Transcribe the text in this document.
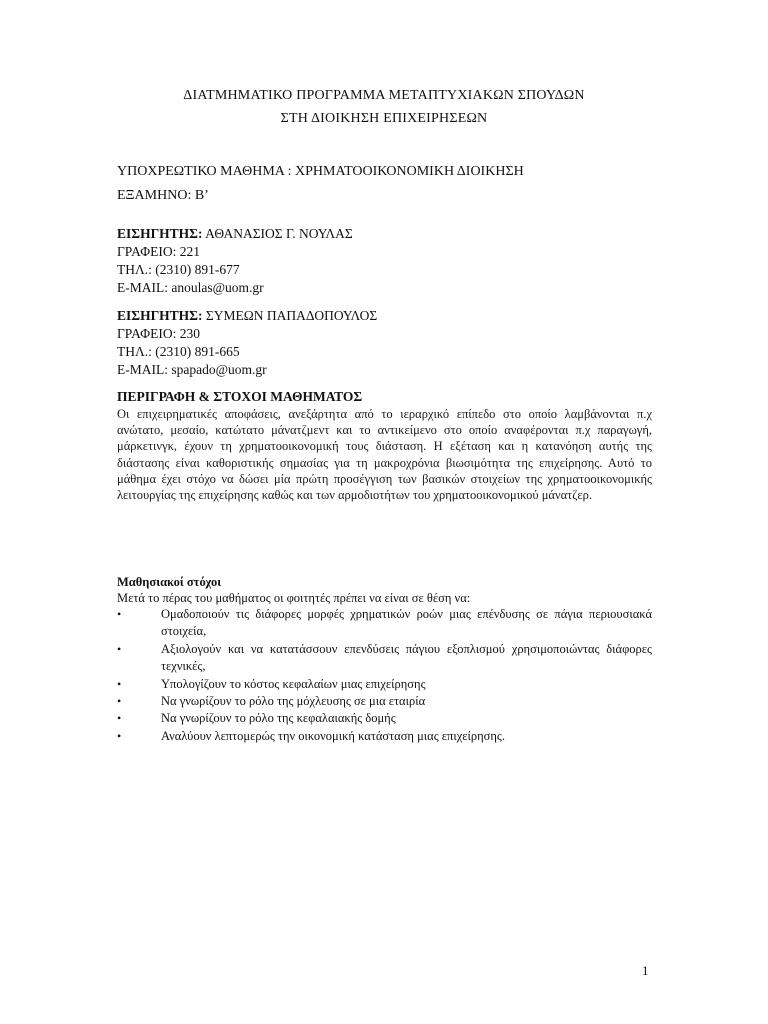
ΔΙΑΤΜΗΜΑΤΙΚΟ ΠΡΟΓΡΑΜΜΑ ΜΕΤΑΠΤΥΧΙΑΚΩΝ ΣΠΟΥΔΩΝ
ΣΤΗ ΔΙΟΙΚΗΣΗ ΕΠΙΧΕΙΡΗΣΕΩΝ
ΥΠΟΧΡΕΩΤΙΚΟ ΜΑΘΗΜΑ : ΧΡΗΜΑΤΟΟΙΚΟΝΟΜΙΚΗ ΔΙΟΙΚΗΣΗ
ΕΞΑΜΗΝΟ: Β’
ΕΙΣΗΓΗΤΗΣ: ΑΘΑΝΑΣΙΟΣ Γ. ΝΟΥΛΑΣ
ΓΡΑΦΕΙΟ: 221
ΤΗΛ.: (2310) 891-677
E-MAIL: anoulas@uom.gr
ΕΙΣΗΓΗΤΗΣ: ΣΥΜΕΩΝ ΠΑΠΑΔΟΠΟΥΛΟΣ
ΓΡΑΦΕΙΟ: 230
ΤΗΛ.: (2310) 891-665
E-MAIL: spapado@uom.gr
ΠΕΡΙΓΡΑΦΗ & ΣΤΟΧΟΙ ΜΑΘΗΜΑΤΟΣ
Οι επιχειρηματικές αποφάσεις, ανεξάρτητα από το ιεραρχικό επίπεδο στο οποίο λαμβάνονται π.χ ανώτατο, μεσαίο, κατώτατο μάνατζμεντ και το αντικείμενο στο οποίο αναφέρονται π.χ παραγωγή, μάρκετινγκ, έχουν τη χρηματοοικονομική τους διάσταση. Η εξέταση και η κατανόηση αυτής της διάστασης είναι καθοριστικής σημασίας για τη μακροχρόνια βιωσιμότητα της επιχείρησης. Αυτό το μάθημα έχει στόχο να δώσει μία πρώτη προσέγγιση των βασικών στοιχείων της χρηματοοικονομικής λειτουργίας της επιχείρησης καθώς και των αρμοδιοτήτων του χρηματοοικονομικού μάνατζερ.
Μαθησιακοί στόχοι
Μετά το πέρας του μαθήματος οι φοιτητές πρέπει να είναι σε θέση να:
•	Ομαδοποιούν τις διάφορες μορφές χρηματικών ροών μιας επένδυσης σε πάγια περιουσιακά στοιχεία,
•	Αξιολογούν και να κατατάσσουν επενδύσεις πάγιου εξοπλισμού χρησιμοποιώντας διάφορες τεχνικές,
•	Υπολογίζουν το κόστος κεφαλαίων μιας επιχείρησης
•	Να γνωρίζουν το ρόλο της μόχλευσης σε μια εταιρία
•	Να γνωρίζουν το ρόλο της κεφαλαιακής δομής
•	Αναλύουν λεπτομερώς την οικονομική κατάσταση μιας επιχείρησης.
1
